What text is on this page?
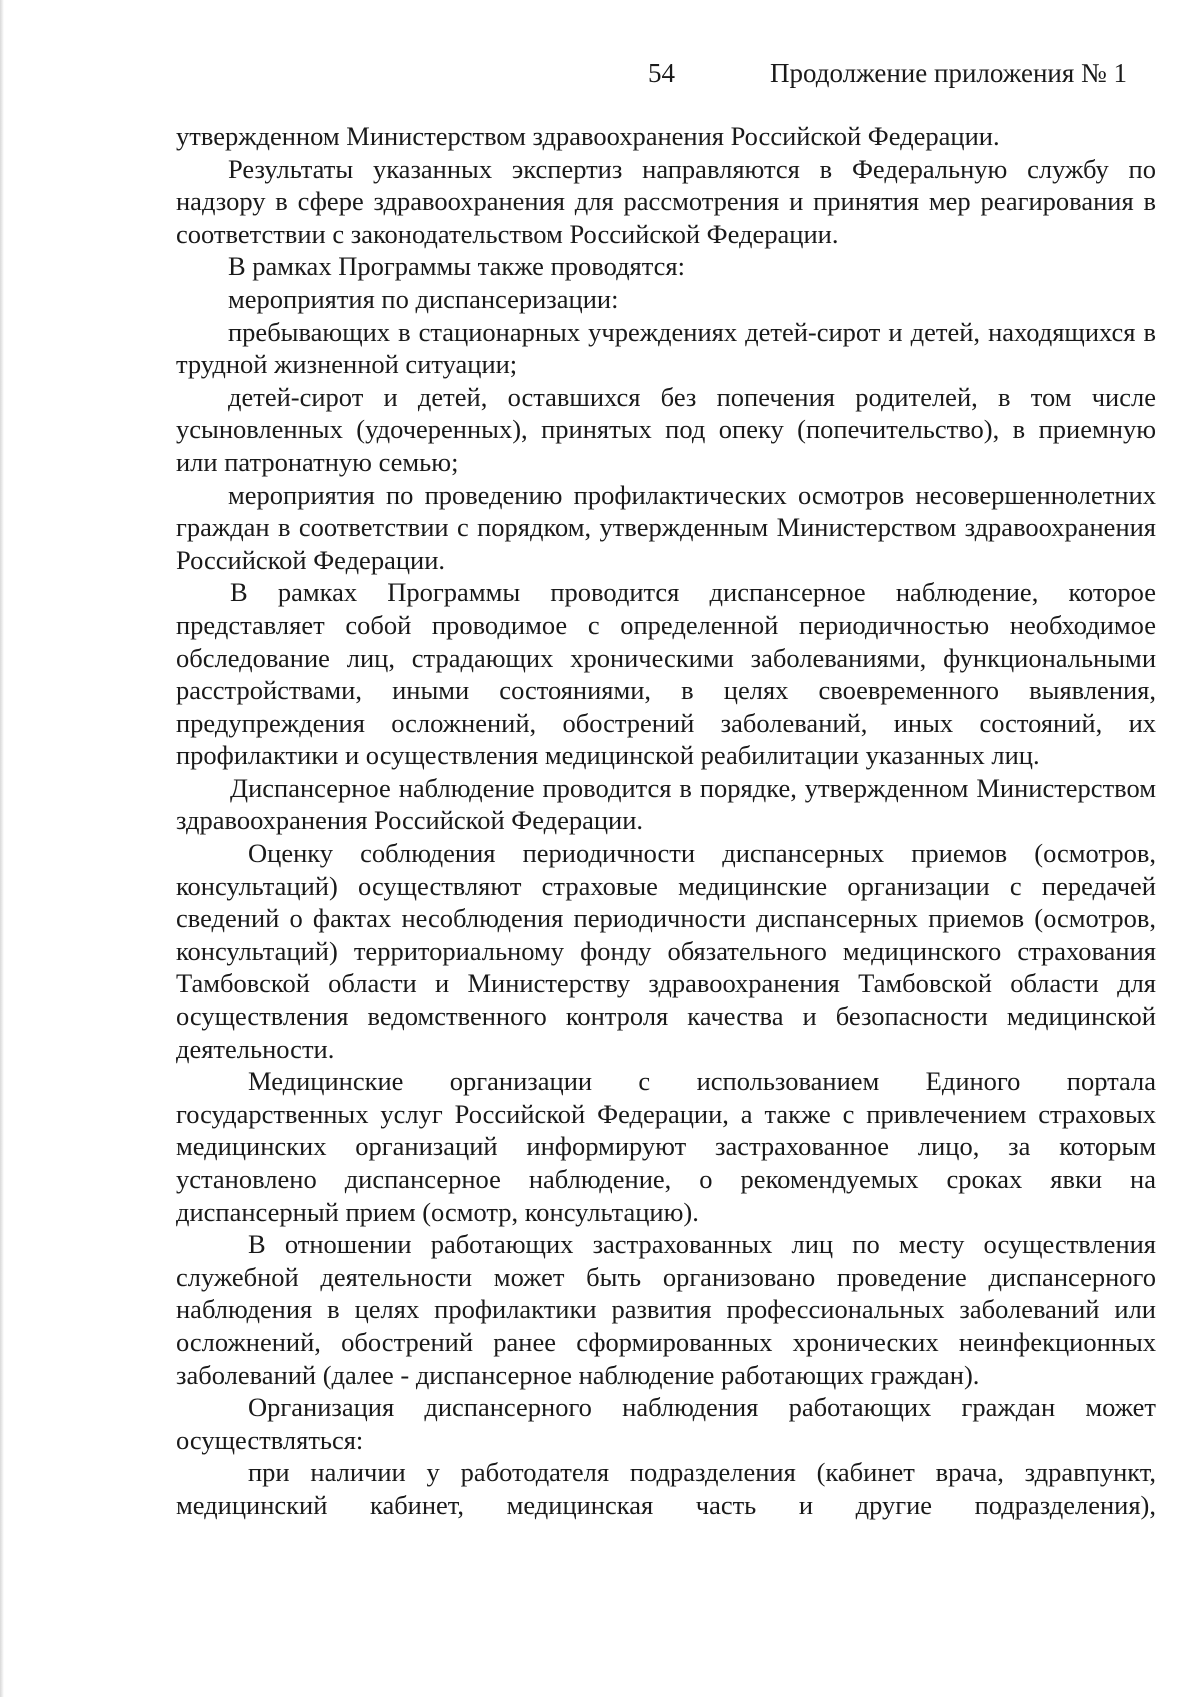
54	Продолжение приложения № 1

утвержденном Министерством здравоохранения Российской Федерации.

Результаты указанных экспертиз направляются в Федеральную службу по надзору в сфере здравоохранения для рассмотрения и принятия мер реагирования в соответствии с законодательством Российской Федерации.

В рамках Программы также проводятся:

мероприятия по диспансеризации:

пребывающих в стационарных учреждениях детей-сирот и детей, находящихся в трудной жизненной ситуации;

детей-сирот и детей, оставшихся без попечения родителей, в том числе усыновленных (удочеренных), принятых под опеку (попечительство), в приемную или патронатную семью;

мероприятия по проведению профилактических осмотров несовершеннолетних граждан в соответствии с порядком, утвержденным Министерством здравоохранения Российской Федерации.

В рамках Программы проводится диспансерное наблюдение, которое представляет собой проводимое с определенной периодичностью необходимое обследование лиц, страдающих хроническими заболеваниями, функциональными расстройствами, иными состояниями, в целях своевременного выявления, предупреждения осложнений, обострений заболеваний, иных состояний, их профилактики и осуществления медицинской реабилитации указанных лиц.

Диспансерное наблюдение проводится в порядке, утвержденном Министерством здравоохранения Российской Федерации.

Оценку соблюдения периодичности диспансерных приемов (осмотров, консультаций) осуществляют страховые медицинские организации с передачей сведений о фактах несоблюдения периодичности диспансерных приемов (осмотров, консультаций) территориальному фонду обязательного медицинского страхования Тамбовской области и Министерству здравоохранения Тамбовской области для осуществления ведомственного контроля качества и безопасности медицинской деятельности.

Медицинские организации с использованием Единого портала государственных услуг Российской Федерации, а также с привлечением страховых медицинских организаций информируют застрахованное лицо, за которым установлено диспансерное наблюдение, о рекомендуемых сроках явки на диспансерный прием (осмотр, консультацию).

В отношении работающих застрахованных лиц по месту осуществления служебной деятельности может быть организовано проведение диспансерного наблюдения в целях профилактики развития профессиональных заболеваний или осложнений, обострений ранее сформированных хронических неинфекционных заболеваний (далее - диспансерное наблюдение работающих граждан).

Организация диспансерного наблюдения работающих граждан может осуществляться:

при наличии у работодателя подразделения (кабинет врача, здравпункт, медицинский кабинет, медицинская часть и другие подразделения),
